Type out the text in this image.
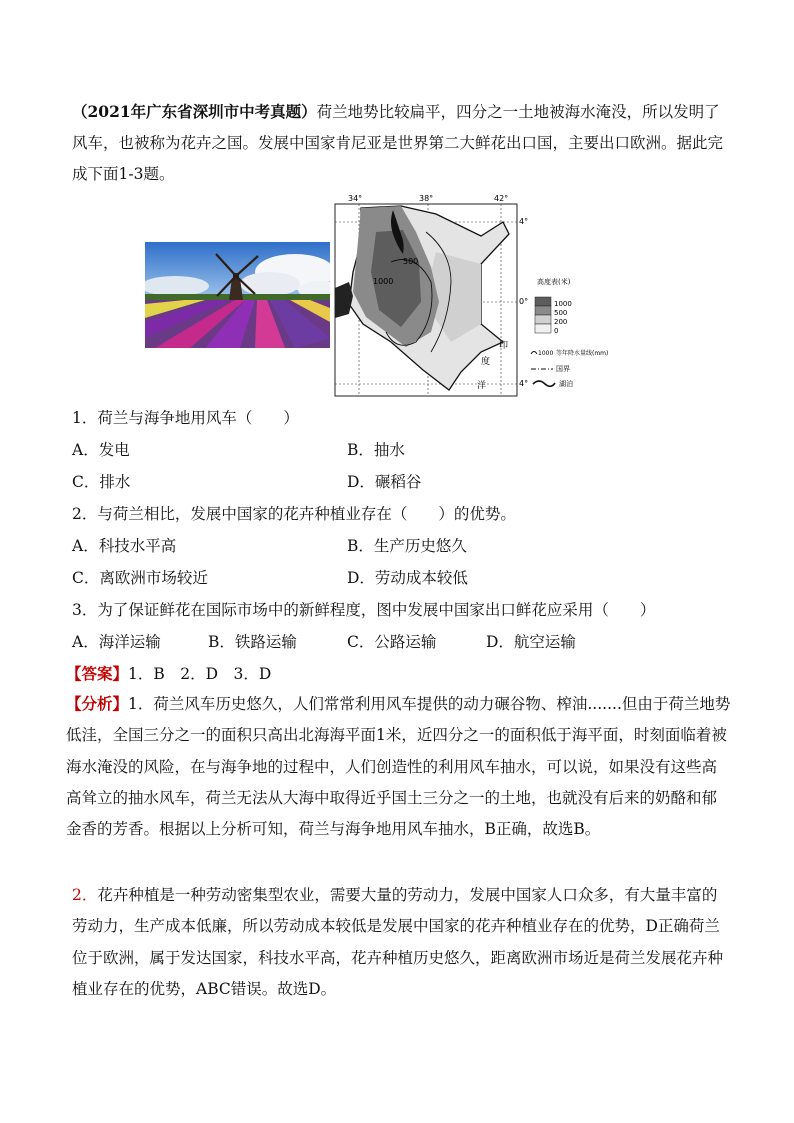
（2021年广东省深圳市中考真题）荷兰地势比较扁平，四分之一土地被海水淹没，所以发明了风车，也被称为花卉之国。发展中国家肯尼亚是世界第二大鲜花出口国，主要出口欧洲。据此完成下面1-3题。

34°	38°	42°
4°
0°
4°
500
1000
印
度
洋
高度表(米)
1000
500
200
0
1000 等年降水量线(mm)
国界
湖泊
1．荷兰与海争地用风车（　　）
A．发电	B．抽水
C．排水	D．碾稻谷
2．与荷兰相比，发展中国家的花卉种植业存在（　　）的优势。
A．科技水平高	B．生产历史悠久
C．离欧洲市场较近	D．劳动成本较低
3．为了保证鲜花在国际市场中的新鲜程度，图中发展中国家出口鲜花应采用（　　）
A．海洋运输	B．铁路运输	C．公路运输	D．航空运输
【答案】1．B　2．D　3．D

【分析】1．荷兰风车历史悠久，人们常常利用风车提供的动力碾谷物、榨油.......但由于荷兰地势低洼，全国三分之一的面积只高出北海海平面1米，近四分之一的面积低于海平面，时刻面临着被海水淹没的风险，在与海争地的过程中，人们创造性的利用风车抽水，可以说，如果没有这些高高耸立的抽水风车，荷兰无法从大海中取得近乎国土三分之一的土地，也就没有后来的奶酪和郁金香的芳香。根据以上分析可知，荷兰与海争地用风车抽水，B正确，故选B。

2．花卉种植是一种劳动密集型农业，需要大量的劳动力，发展中国家人口众多，有大量丰富的劳动力，生产成本低廉，所以劳动成本较低是发展中国家的花卉种植业存在的优势，D正确荷兰位于欧洲，属于发达国家，科技水平高，花卉种植历史悠久，距离欧洲市场近是荷兰发展花卉种植业存在的优势，ABC错误。故选D。
